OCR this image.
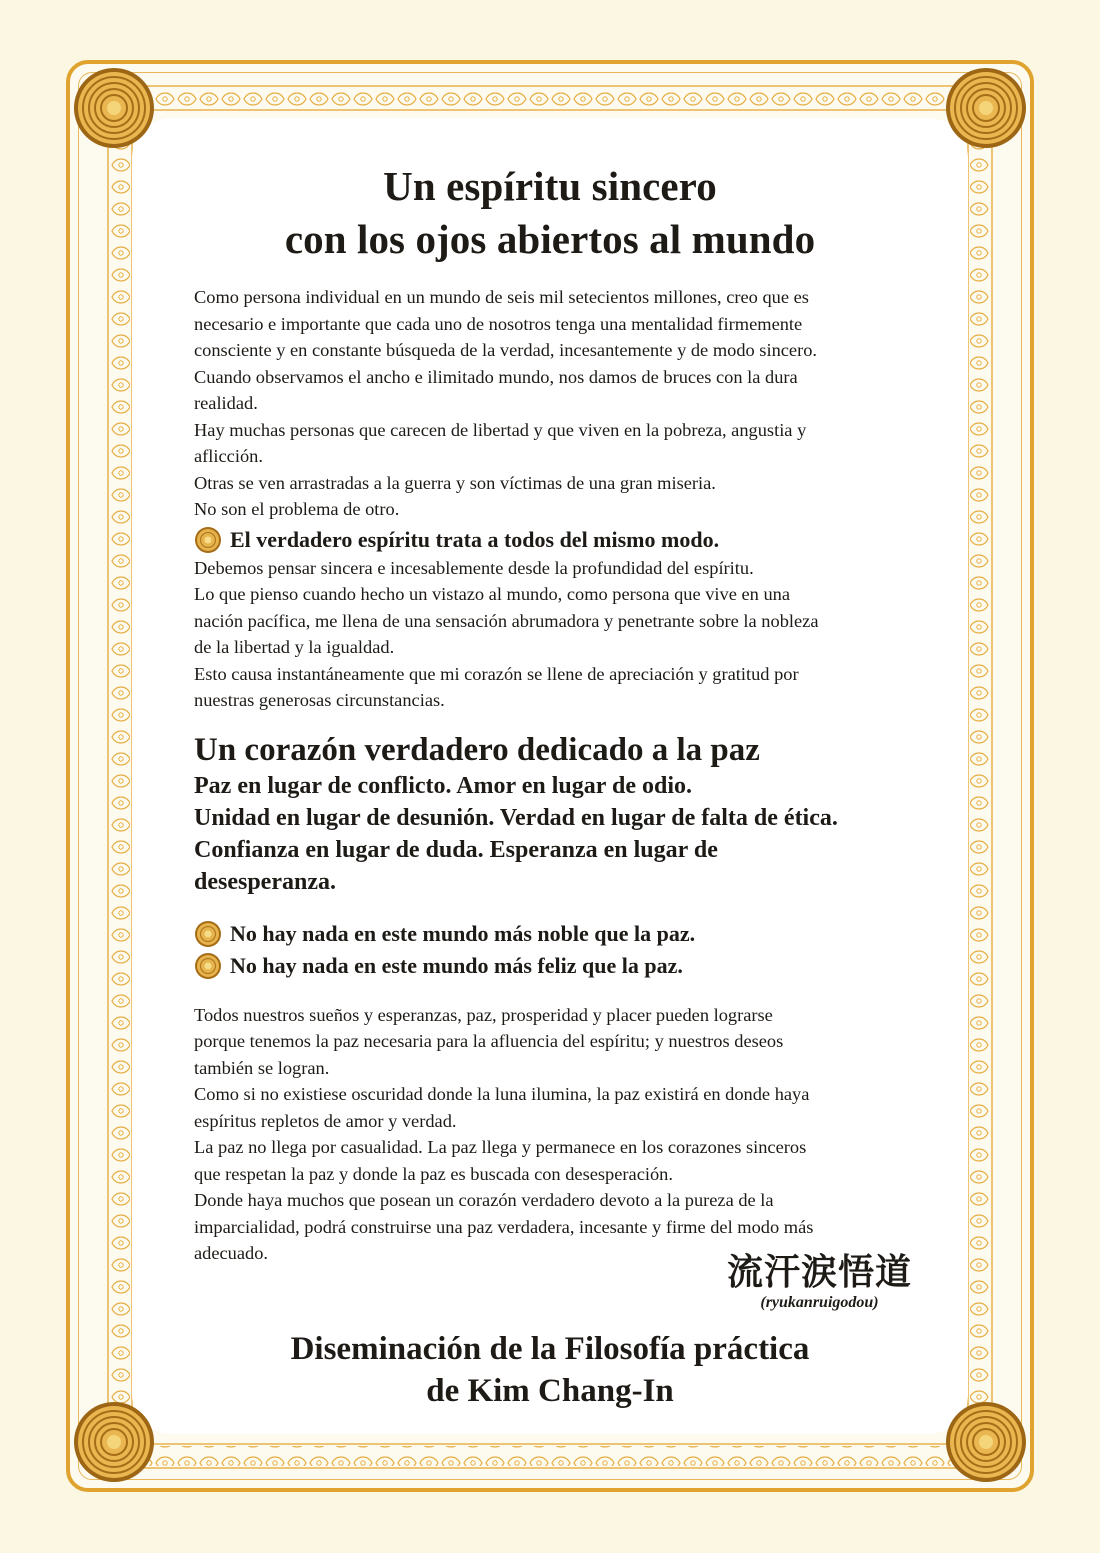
Un espíritu sincero
con los ojos abiertos al mundo

Como persona individual en un mundo de seis mil setecientos millones, creo que es
necesario e importante que cada uno de nosotros tenga una mentalidad firmemente
consciente y en constante búsqueda de la verdad, incesantemente y de modo sincero.
Cuando observamos el ancho e ilimitado mundo, nos damos de bruces con la dura
realidad.
Hay muchas personas que carecen de libertad y que viven en la pobreza, angustia y
aflicción.
Otras se ven arrastradas a la guerra y son víctimas de una gran miseria.
No son el problema de otro.

El verdadero espíritu trata a todos del mismo modo.

Debemos pensar sincera e incesablemente desde la profundidad del espíritu.
Lo que pienso cuando hecho un vistazo al mundo, como persona que vive en una
nación pacífica, me llena de una sensación abrumadora y penetrante sobre la nobleza
de la libertad y la igualdad.
Esto causa instantáneamente que mi corazón se llene de apreciación y gratitud por
nuestras generosas circunstancias.

Un corazón verdadero dedicado a la paz

Paz en lugar de conflicto. Amor en lugar de odio.
Unidad en lugar de desunión. Verdad en lugar de falta de ética.
Confianza en lugar de duda. Esperanza en lugar de
desesperanza.

No hay nada en este mundo más noble que la paz.

No hay nada en este mundo más feliz que la paz.

Todos nuestros sueños y esperanzas, paz, prosperidad y placer pueden lograrse
porque tenemos la paz necesaria para la afluencia del espíritu; y nuestros deseos
también se logran.
Como si no existiese oscuridad donde la luna ilumina, la paz existirá en donde haya
espíritus repletos de amor y verdad.
La paz no llega por casualidad. La paz llega y permanece en los corazones sinceros
que respetan la paz y donde la paz es buscada con desesperación.
Donde haya muchos que posean un corazón verdadero devoto a la pureza de la
imparcialidad, podrá construirse una paz verdadera, incesante y firme del modo más
adecuado.	流汗涙悟道
(ryukanruigodou)

Diseminación de la Filosofía práctica
de Kim Chang-In
